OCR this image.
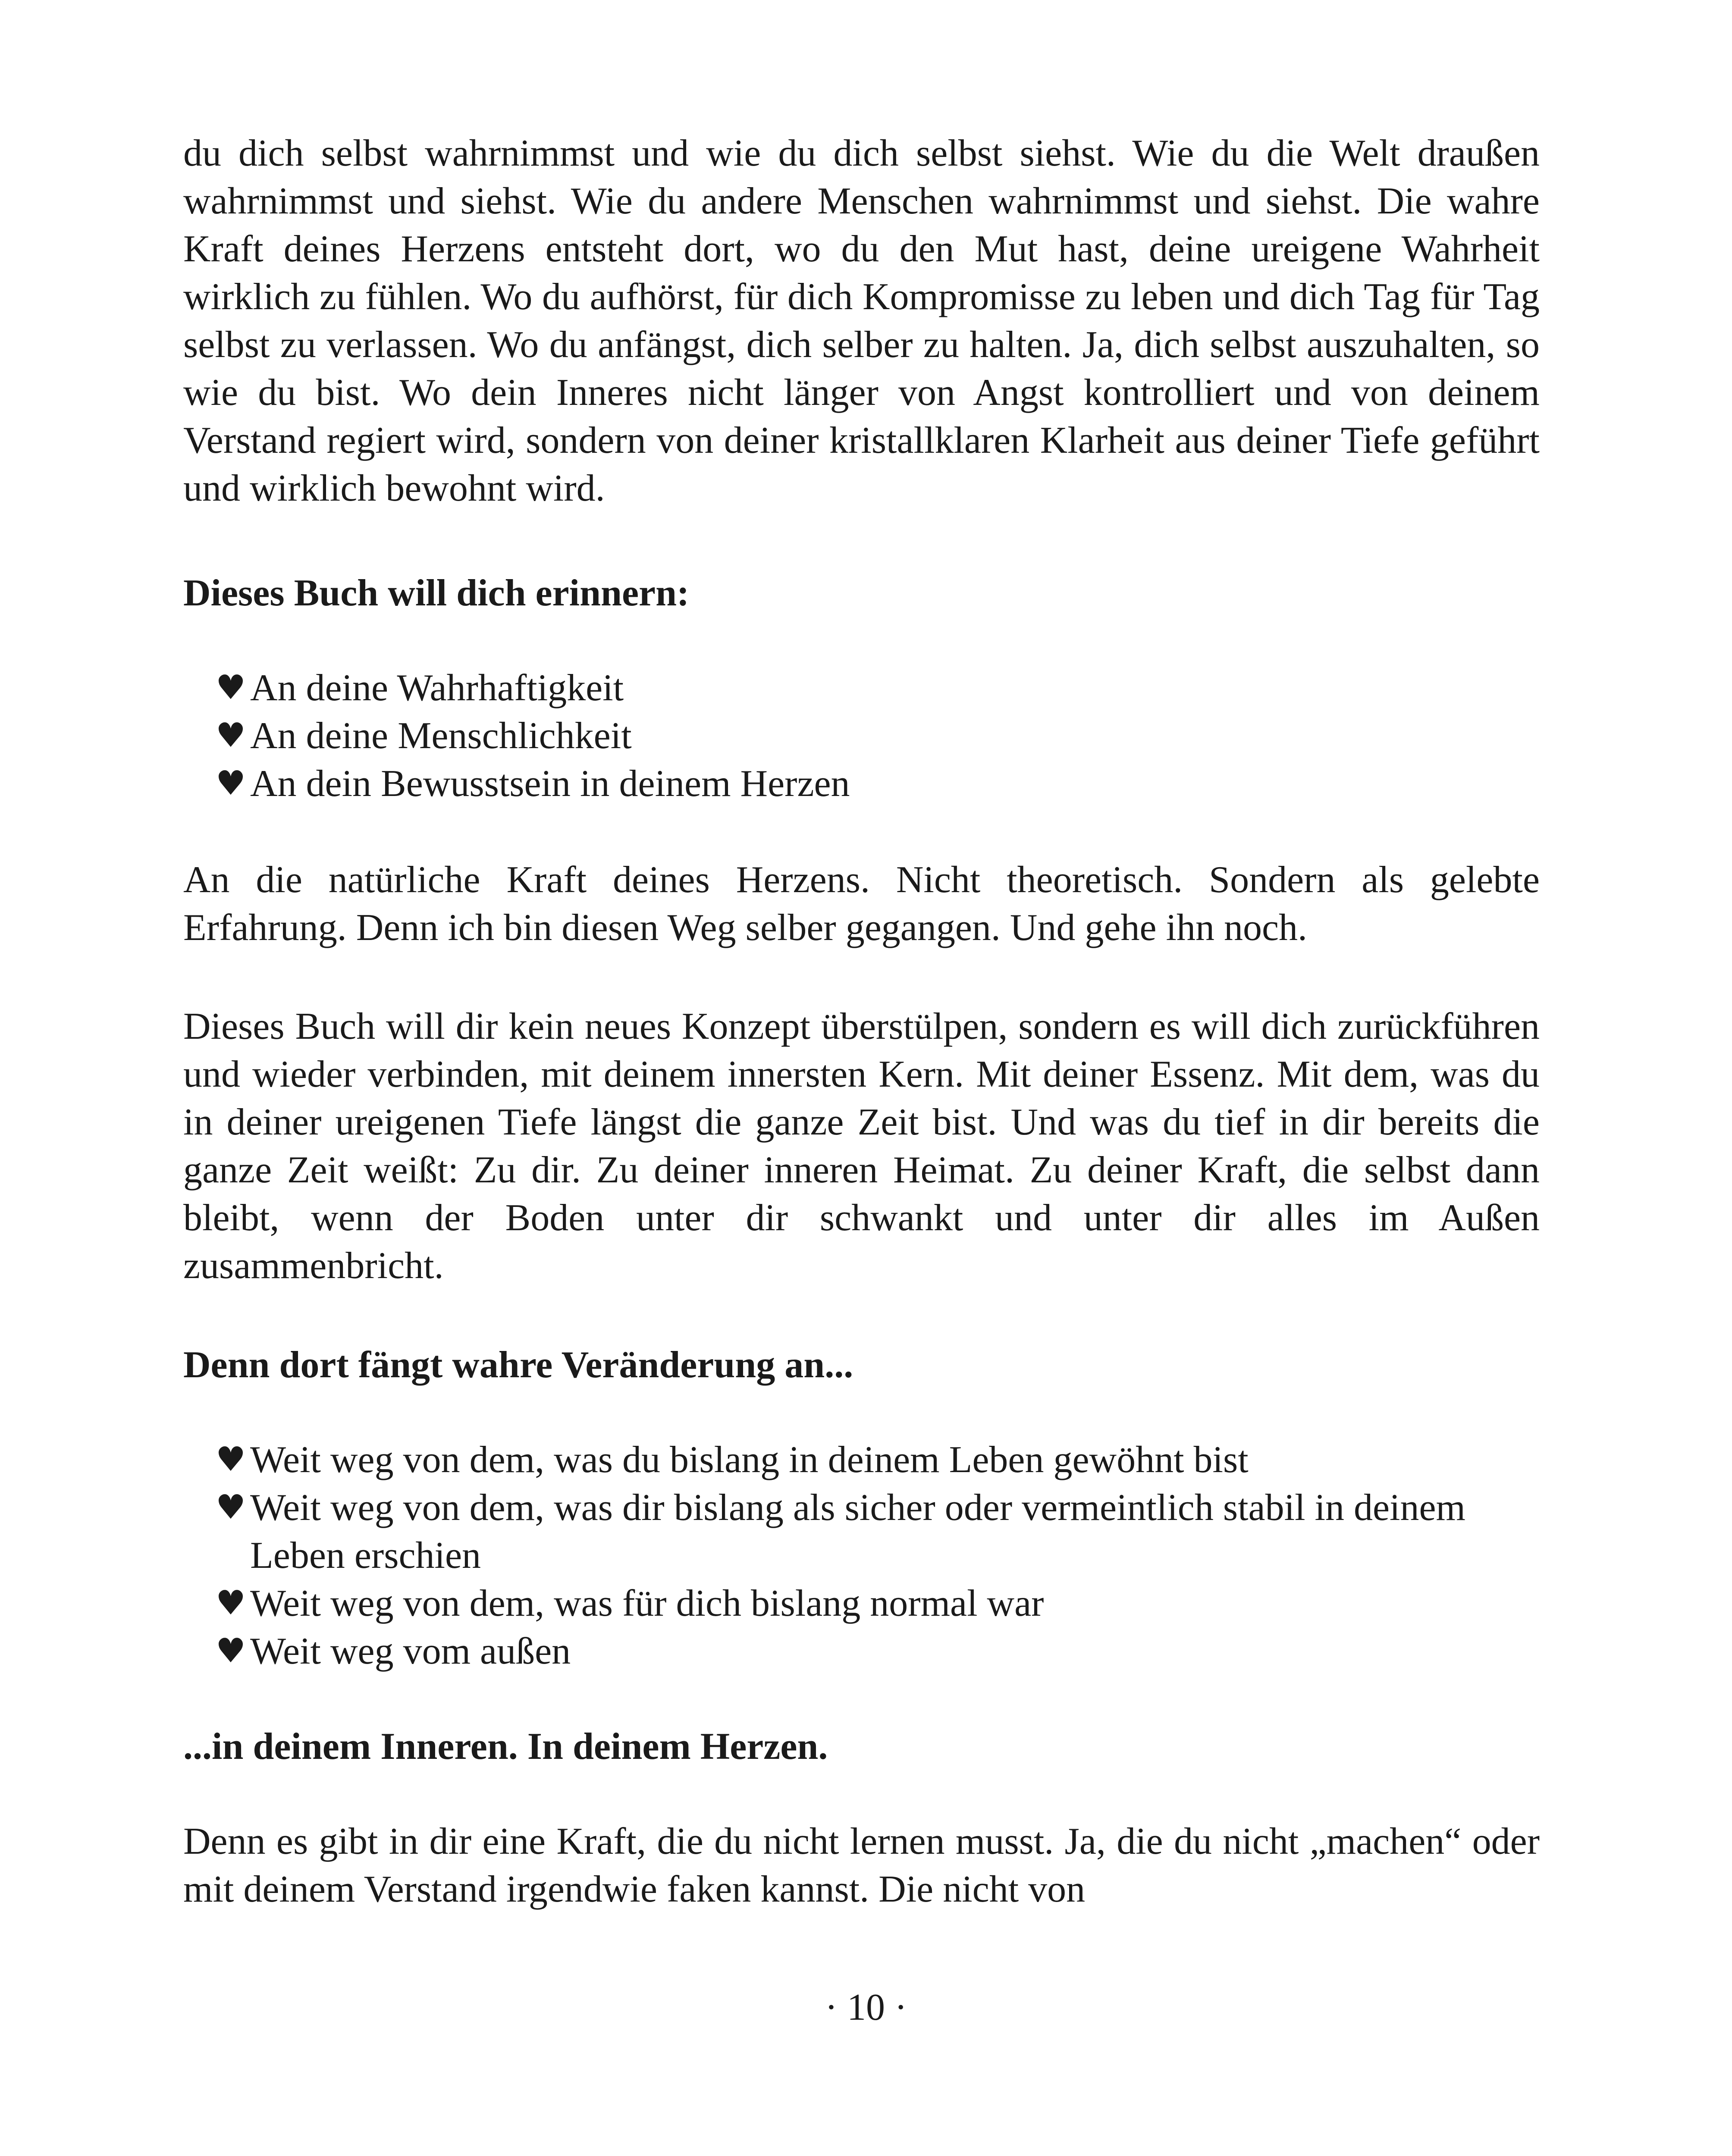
du dich selbst wahrnimmst und wie du dich selbst siehst. Wie du die Welt draußen wahrnimmst und siehst. Wie du andere Menschen wahrnimmst und siehst. Die wahre Kraft deines Herzens entsteht dort, wo du den Mut hast, deine ureigene Wahrheit wirklich zu fühlen. Wo du aufhörst, für dich Kompromisse zu leben und dich Tag für Tag selbst zu verlassen. Wo du anfängst, dich selber zu halten. Ja, dich selbst auszuhalten, so wie du bist. Wo dein Inneres nicht länger von Angst kontrolliert und von deinem Verstand regiert wird, sondern von deiner kristallklaren Klarheit aus deiner Tiefe geführt und wirklich bewohnt wird.

Dieses Buch will dich erinnern:
♥ An deine Wahrhaftigkeit
♥ An deine Menschlichkeit
♥ An dein Bewusstsein in deinem Herzen

An die natürliche Kraft deines Herzens. Nicht theoretisch. Sondern als gelebte Erfahrung. Denn ich bin diesen Weg selber gegangen. Und gehe ihn noch.

Dieses Buch will dir kein neues Konzept überstülpen, sondern es will dich zurückführen und wieder verbinden, mit deinem innersten Kern. Mit deiner Essenz. Mit dem, was du in deiner ureigenen Tiefe längst die ganze Zeit bist. Und was du tief in dir bereits die ganze Zeit weißt: Zu dir. Zu deiner inneren Heimat. Zu deiner Kraft, die selbst dann bleibt, wenn der Boden unter dir schwankt und unter dir alles im Außen zusammenbricht.

Denn dort fängt wahre Veränderung an...
♥ Weit weg von dem, was du bislang in deinem Leben gewöhnt bist
♥ Weit weg von dem, was dir bislang als sicher oder vermeintlich stabil in deinem Leben erschien
♥ Weit weg von dem, was für dich bislang normal war
♥ Weit weg vom außen
...in deinem Inneren. In deinem Herzen.

Denn es gibt in dir eine Kraft, die du nicht lernen musst. Ja, die du nicht „machen“ oder mit deinem Verstand irgendwie faken kannst. Die nicht von

· 10 ·
